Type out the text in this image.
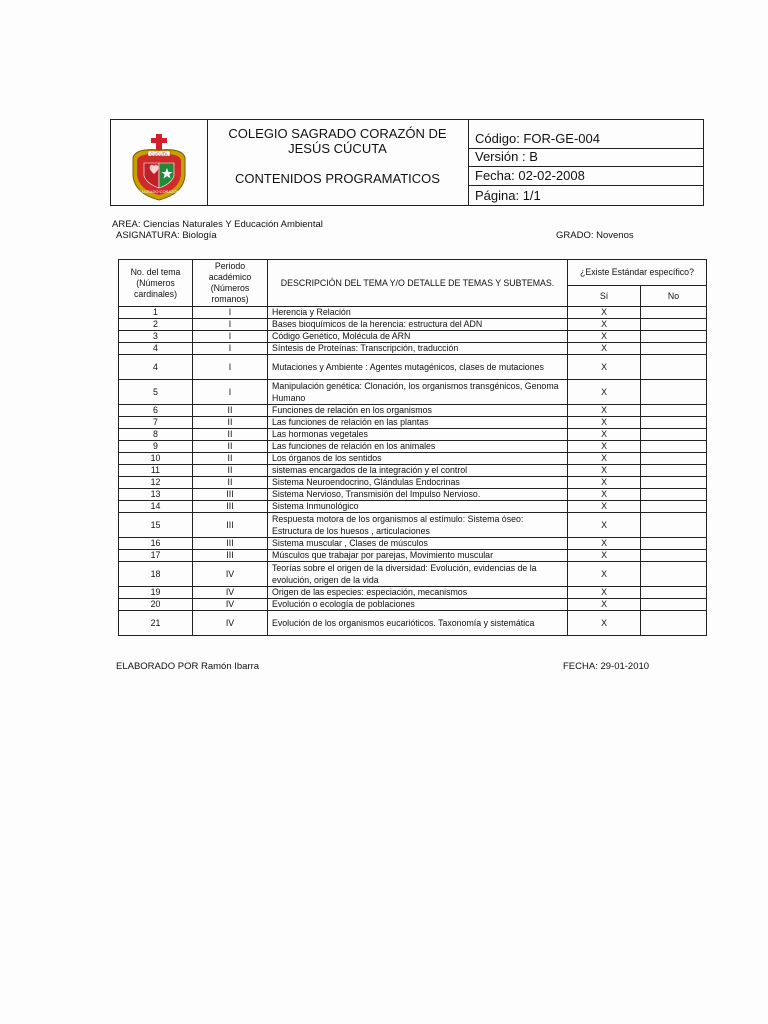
CÚCUTA
SAGRADO CORAZÓN
COLEGIO SAGRADO CORAZÓN DE JESÚS CÚCUTA
CONTENIDOS PROGRAMATICOS
Código: FOR-GE-004
Versión : B
Fecha: 02-02-2008
Página: 1/1
AREA: Ciencias Naturales Y Educación Ambiental
ASIGNATURA: Biología	GRADO: Novenos
No. del tema (Números cardinales)	Periodo académico (Números romanos)	DESCRIPCIÓN DEL TEMA Y/O DETALLE DE TEMAS Y SUBTEMAS.	¿Existe Estándar específico?	
			Sí	No
1	I	Herencia y Relación	X	
2	I	Bases bioquímicos de la herencia: estructura del ADN	X	
3	I	Código Genético, Molécula de ARN	X	
4	I	Síntesis de Proteínas: Transcripción, traducción	X	
4	I	Mutaciones y Ambiente : Agentes mutagénicos, clases de mutaciones	X	
5	I	Manipulación genética: Clonación, los organismos transgénicos, Genoma Humano	X	
6	II	Funciones de relación en los organismos	X	
7	II	Las funciones de relación en las plantas	X	
8	II	Las hormonas vegetales	X	
9	II	Las funciones de relación en los animales	X	
10	II	Los órganos de los sentidos	X	
11	II	sistemas encargados de la integración y el control	X	
12	II	Sistema Neuroendocrino, Glándulas Endocrinas	X	
13	III	Sistema Nervioso, Transmisión del Impulso Nervioso.	X	
14	III	Sistema Inmunológico	X	
15	III	Respuesta motora de los organismos al estímulo: Sistema óseo: Estructura de los huesos , articulaciones	X	
16	III	Sistema muscular , Clases de músculos	X	
17	III	Músculos que trabajar por parejas, Movimiento muscular	X	
18	IV	Teorías sobre el origen de la diversidad: Evolución, evidencias de la evolución, origen de la vida	X	
19	IV	Origen de las especies: especiación, mecanismos	X	
20	IV	Evolución o ecología de poblaciones	X	
21	IV	Evolución de los organismos eucarióticos. Taxonomía y sistemática	X	
ELABORADO POR Ramón Ibarra	FECHA: 29-01-2010
